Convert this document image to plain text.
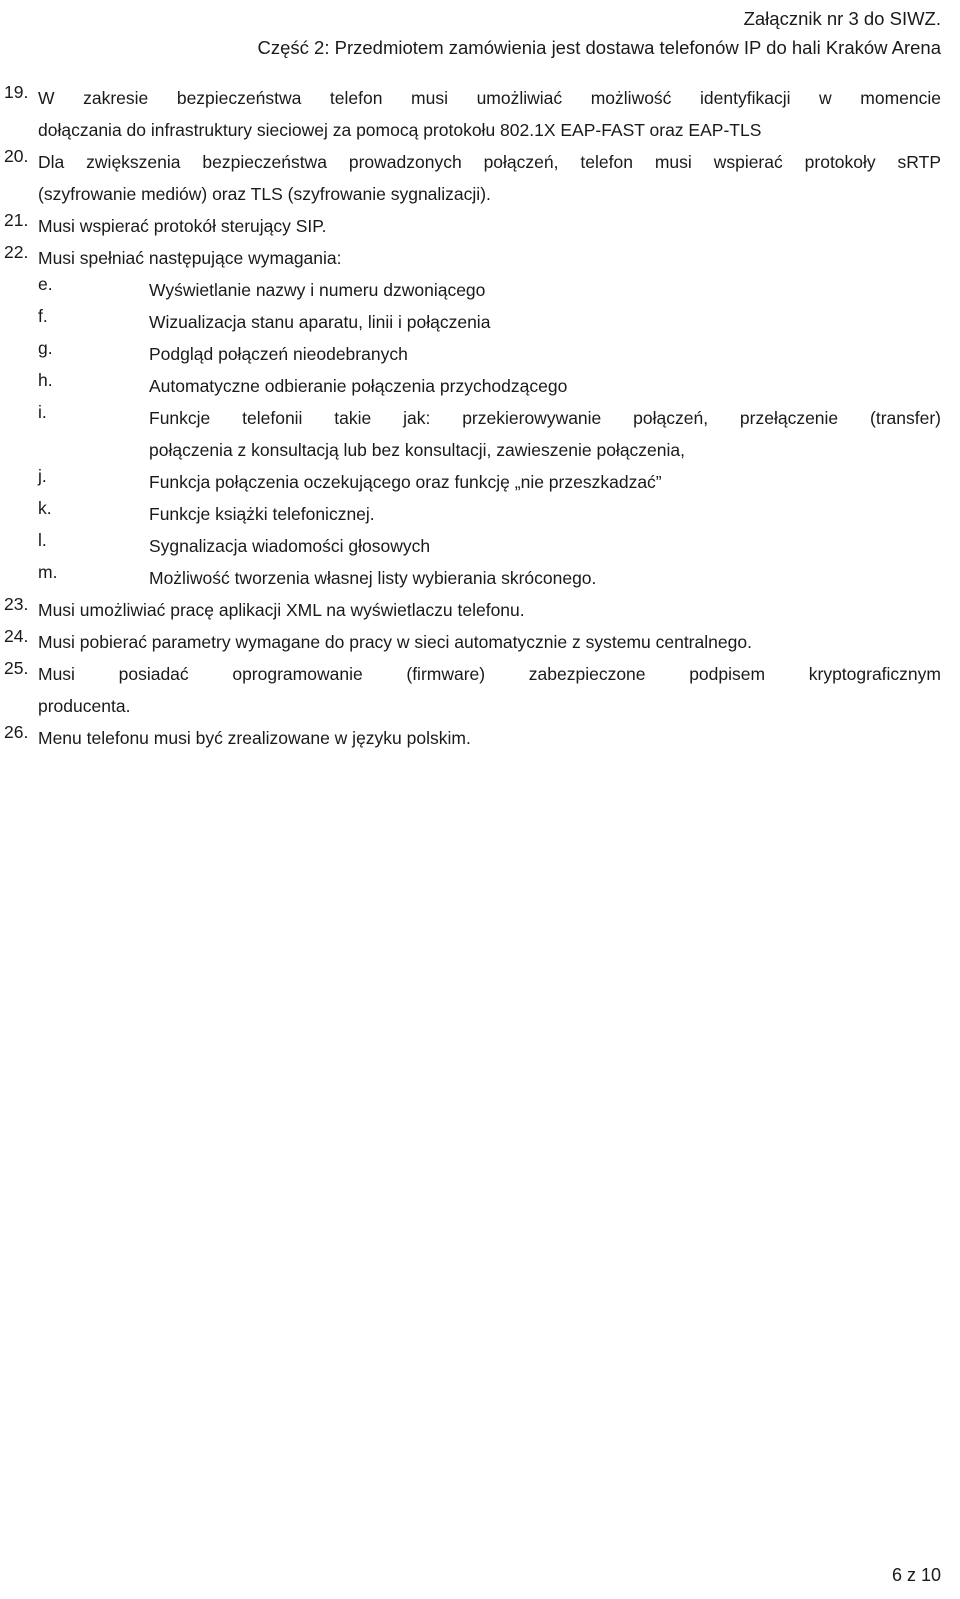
Załącznik nr 3 do SIWZ.
Część 2: Przedmiotem zamówienia jest dostawa telefonów IP do hali Kraków Arena
19. W zakresie bezpieczeństwa telefon musi umożliwiać możliwość identyfikacji w momencie
dołączania do infrastruktury sieciowej za pomocą protokołu 802.1X EAP-FAST oraz EAP-TLS
20. Dla zwiększenia bezpieczeństwa prowadzonych połączeń, telefon musi wspierać protokoły sRTP
(szyfrowanie mediów) oraz TLS (szyfrowanie sygnalizacji).
21. Musi wspierać protokół sterujący SIP.
22. Musi spełniać następujące wymagania:
e.	Wyświetlanie nazwy i numeru dzwoniącego
f.	Wizualizacja stanu aparatu, linii i połączenia
g.	Podgląd połączeń nieodebranych
h.	Automatyczne odbieranie połączenia przychodzącego
i.	Funkcje telefonii takie jak: przekierowywanie połączeń, przełączenie (transfer)
połączenia z konsultacją lub bez konsultacji, zawieszenie połączenia,
j.	Funkcja połączenia oczekującego oraz funkcję „nie przeszkadzać”
k.	Funkcje książki telefonicznej.
l.	Sygnalizacja wiadomości głosowych
m.	Możliwość tworzenia własnej listy wybierania skróconego.
23. Musi umożliwiać pracę aplikacji XML na wyświetlaczu telefonu.
24. Musi pobierać parametry wymagane do pracy w sieci automatycznie z systemu centralnego.
25. Musi posiadać oprogramowanie (firmware) zabezpieczone podpisem kryptograficznym
producenta.
26. Menu telefonu musi być zrealizowane w języku polskim.
6 z 10
